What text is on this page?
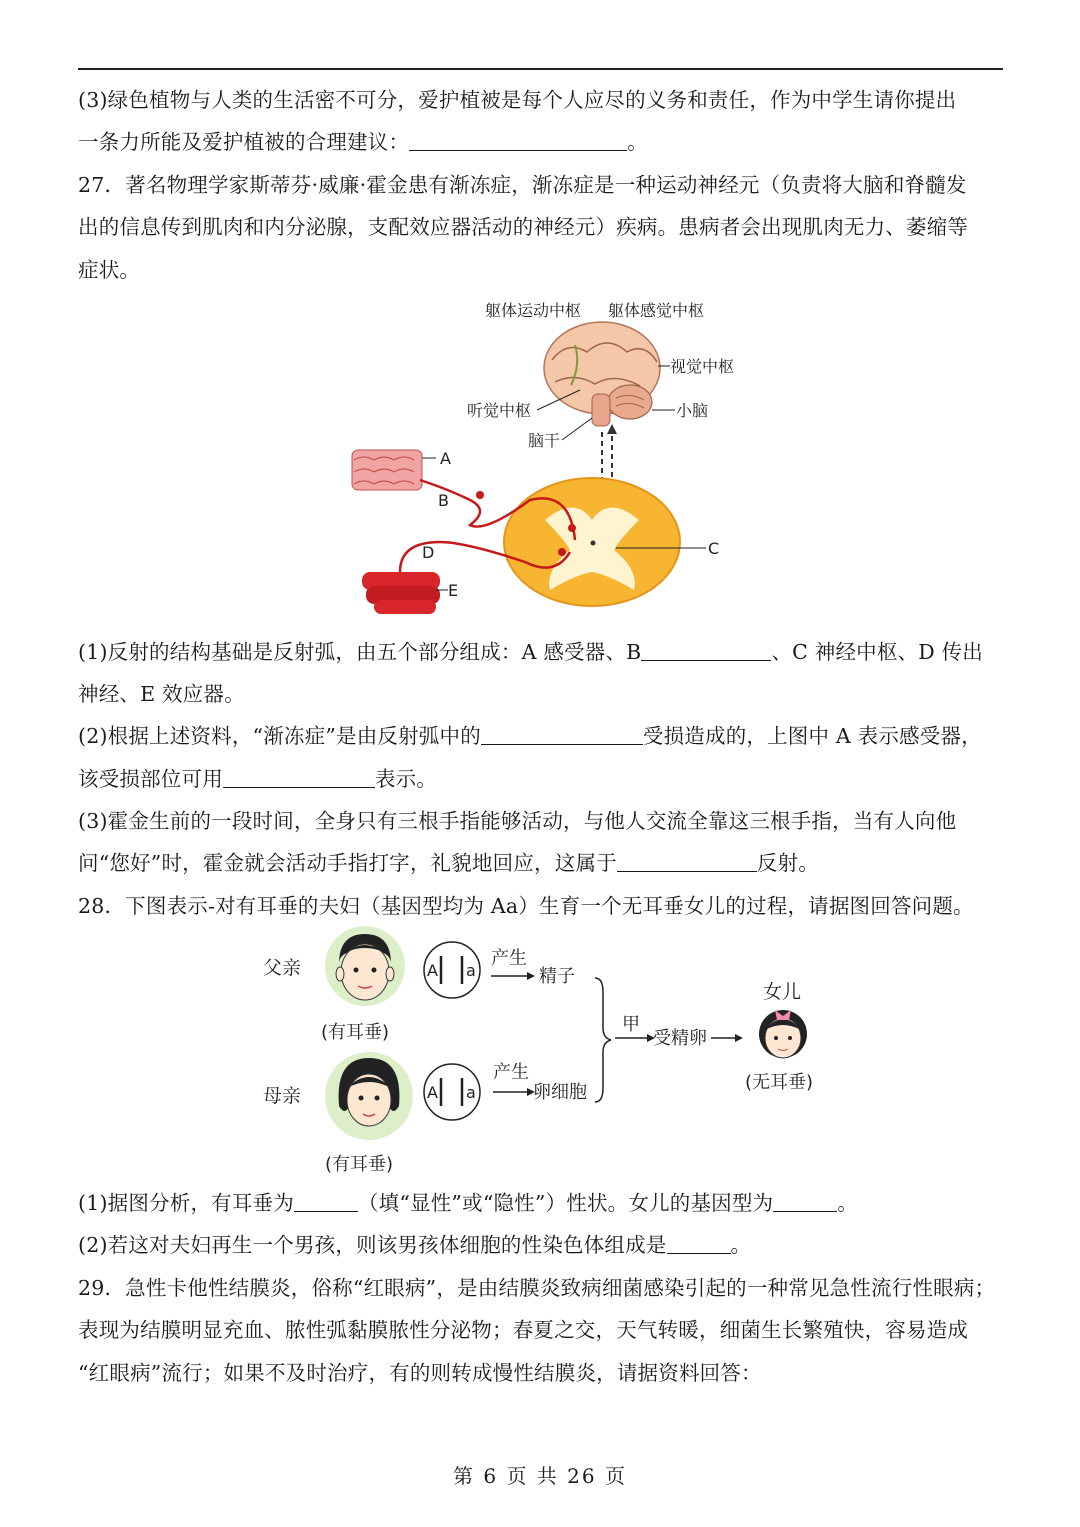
(3)绿色植物与人类的生活密不可分，爱护植被是每个人应尽的义务和责任，作为中学生请你提出
一条力所能及爱护植被的合理建议：	。
27．著名物理学家斯蒂芬·威廉·霍金患有渐冻症，渐冻症是一种运动神经元（负责将大脑和脊髓发
出的信息传到肌肉和内分泌腺，支配效应器活动的神经元）疾病。患病者会出现肌肉无力、萎缩等
症状。
躯体运动中枢 躯体感觉中枢
视觉中枢
听觉中枢	小脑
脑干
C
A
B
D
E
(1)反射的结构基础是反射弧，由五个部分组成：A 感受器、B	、C 神经中枢、D 传出
神经、E 效应器。
(2)根据上述资料，“渐冻症”是由反射弧中的	受损造成的，上图中 A 表示感受器，
该受损部位可用	表示。
(3)霍金生前的一段时间，全身只有三根手指能够活动，与他人交流全靠这三根手指，当有人向他
问“您好”时，霍金就会活动手指打字，礼貌地回应，这属于	反射。
28．下图表示-对有耳垂的夫妇（基因型均为 Aa）生育一个无耳垂女儿的过程，请据图回答问题。
父亲
(有耳垂)
A a
产生
精子
甲
受精卵
女儿
(无耳垂)
母亲
(有耳垂)
A a
产生
卵细胞
(1)据图分析，有耳垂为	（填“显性”或“隐性”）性状。女儿的基因型为	。
(2)若这对夫妇再生一个男孩，则该男孩体细胞的性染色体组成是	。
29．急性卡他性结膜炎，俗称“红眼病”，是由结膜炎致病细菌感染引起的一种常见急性流行性眼病；
表现为结膜明显充血、脓性弧黏膜脓性分泌物；春夏之交，天气转暖，细菌生长繁殖快，容易造成
“红眼病”流行；如果不及时治疗，有的则转成慢性结膜炎，请据资料回答：
第 6 页 共 26 页
